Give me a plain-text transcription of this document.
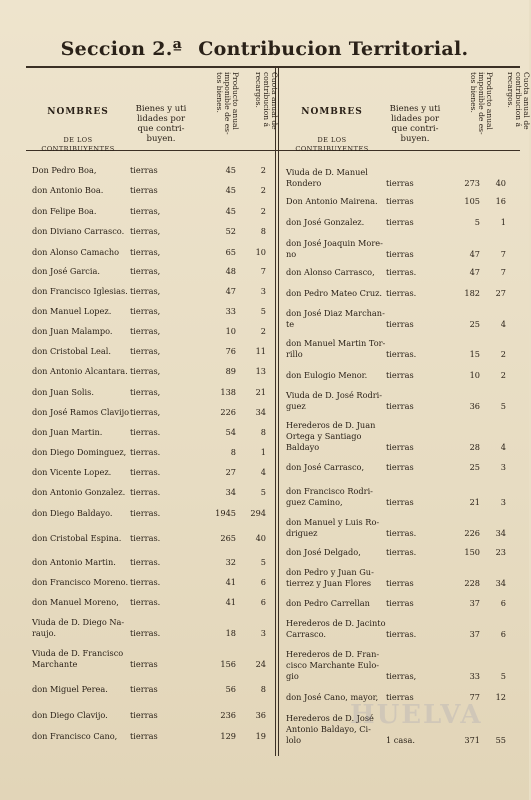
Seccion 2.ª Contribucion Territorial.
NOMBRES
DE LOS CONTRIBUYENTES
Bienes y uti lidades por que contri- buyen.
Producto anual imponible de es- tos bienes.	Cuota anual de contribucion á recargos.
NOMBRES
DE LOS CONTRIBUYENTES
Bienes y uti lidades por que contri- buyen.
Producto anual imponible de es- tos bienes.	Cuota anual de contribucion á recargos.
Don Pedro Boa,	tierras	45	2
don Antonio Boa.	tierras	45	2
don Felipe Boa.	tierras,	45	2
don Diviano Carrasco. tierras,	52	8
don Alonso Camacho	tierras,	65	10
don José Garcia.	tierras,	48	7
don Francisco Iglesias. tierras,	47	3
don Manuel Lopez.	tierras,	33	5
don Juan Malampo.	tierras,	10	2
don Cristobal Leal.	tierras,	76	11
don Antonio Alcantara. tierras,	89	13
don Juan Solis.	tierras,	138	21
don José Ramos Clavijo tierras,	226	34
don Juan Martin.	tierras.	54	8
don Diego Dominguez, tierras.	8	1
don Vicente Lopez.	tierras.	27	4
don Antonio Gonzalez. tierras.	34	5
don Diego Baldayo.	tierras.	1945	294
don Cristobal Espina.	tierras.	265	40
don Antonio Martin.	tierras.	32	5
don Francisco Moreno. tierras.	41	6
don Manuel Moreno,	tierras.	41	6
Viuda de D. Diego Na-
raujo.	tierras.	18	3
Viuda de D. Francisco
Marchante	tierras	156	24
don Miguel Perea.	tierras	56	8
don Diego Clavijo.	tierras	236	36
don Francisco Cano,	tierras	129	19
Viuda de D. Manuel
Rondero	tierras	273	40
Don Antonio Mairena.	tierras	105	16
don José Gonzalez.	tierras	5	1
don José Joaquin More-
no	tierras	47	7
don Alonso Carrasco,	tierras.	47	7
don Pedro Mateo Cruz. tierras.	182	27
don José Diaz Marchan-
te	tierras	25	4
don Manuel Martin Tor-
rillo	tierras.	15	2
don Eulogio Menor.	tierras	10	2
Viuda de D. José Rodri-
guez	tierras	36	5
Herederos de D. Juan
Ortega y Santiago
Baldayo	tierras	28	4
don José Carrasco,	tierras	25	3
don Francisco Rodri-
guez Camino,	tierras	21	3
don Manuel y Luis Ro-
driguez	tierras.	226	34
don José Delgado,	tierras.	150	23
don Pedro y Juan Gu-
tierrez y Juan Flores	tierras	228	34
don Pedro Carrellan	tierras	37	6
Herederos de D. Jacinto
Carrasco.	tierras.	37	6
Herederos de D. Fran-
cisco Marchante Eulo-
gio	tierras,	33	5
don José Cano, mayor, tierras	77	12
Herederos de D. José
Antonio Baldayo, Ci-
lolo	1 casa.	371	55
HUELVA
